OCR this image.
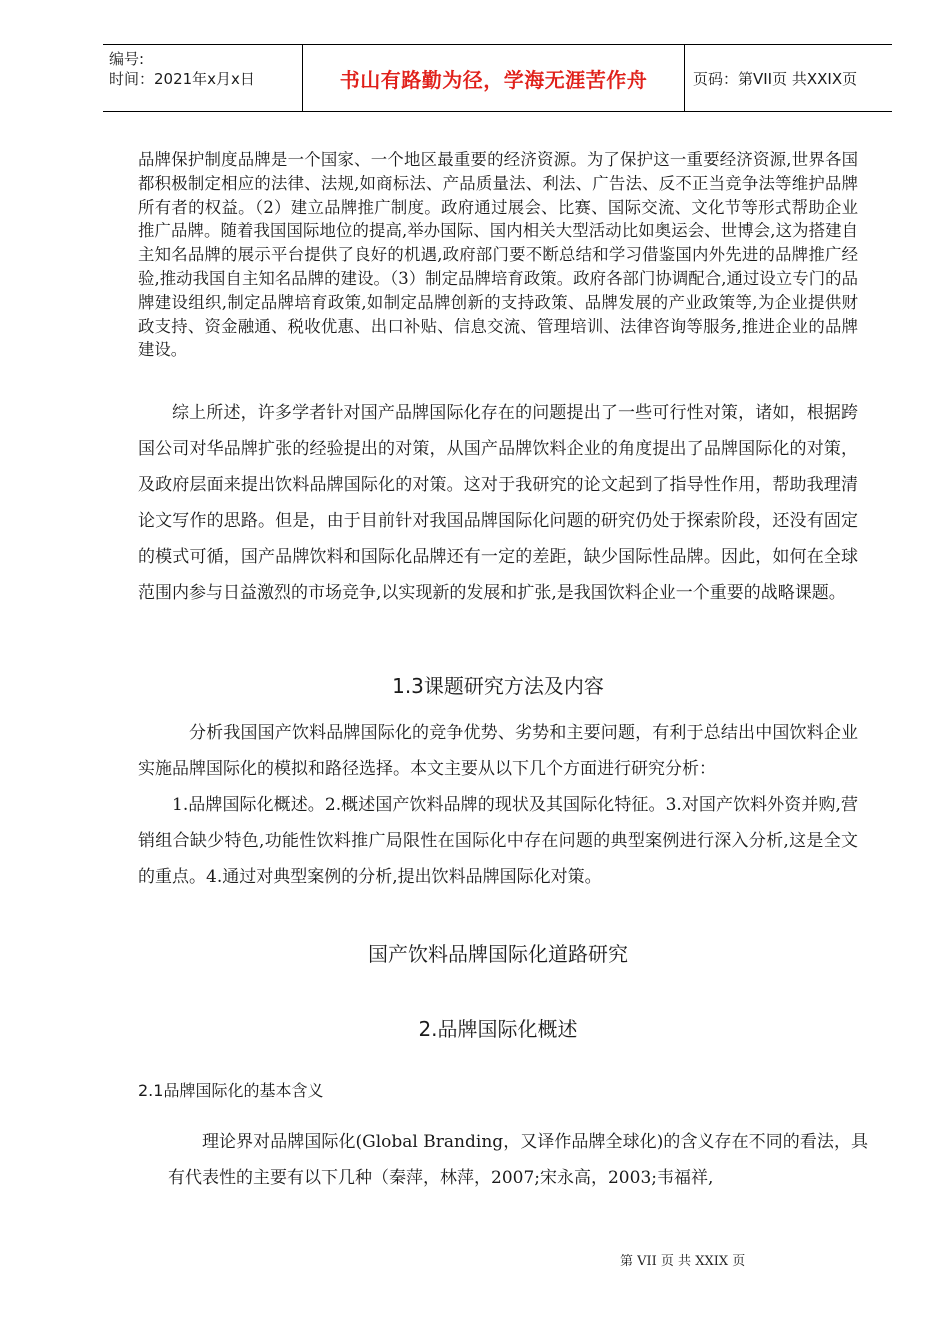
编号:
时间：2021年x月x日	书山有路勤为径，学海无涯苦作舟	页码：第VII页 共XXIX页
品牌保护制度品牌是一个国家、一个地区最重要的经济资源。为了保护这一重要经济资源,世界各国都积极制定相应的法律、法规,如商标法、产品质量法、利法、广告法、反不正当竞争法等维护品牌所有者的权益。（2）建立品牌推广制度。政府通过展会、比赛、国际交流、文化节等形式帮助企业推广品牌。随着我国国际地位的提高,举办国际、国内相关大型活动比如奥运会、世博会,这为搭建自主知名品牌的展示平台提供了良好的机遇,政府部门要不断总结和学习借鉴国内外先进的品牌推广经验,推动我国自主知名品牌的建设。（3）制定品牌培育政策。政府各部门协调配合,通过设立专门的品牌建设组织,制定品牌培育政策,如制定品牌创新的支持政策、品牌发展的产业政策等,为企业提供财政支持、资金融通、税收优惠、出口补贴、信息交流、管理培训、法律咨询等服务,推进企业的品牌建设。

综上所述，许多学者针对国产品牌国际化存在的问题提出了一些可行性对策，诸如，根据跨国公司对华品牌扩张的经验提出的对策，从国产品牌饮料企业的角度提出了品牌国际化的对策，及政府层面来提出饮料品牌国际化的对策。这对于我研究的论文起到了指导性作用，帮助我理清论文写作的思路。但是，由于目前针对我国品牌国际化问题的研究仍处于探索阶段，还没有固定的模式可循，国产品牌饮料和国际化品牌还有一定的差距，缺少国际性品牌。因此，如何在全球范围内参与日益激烈的市场竞争,以实现新的发展和扩张,是我国饮料企业一个重要的战略课题。

1.3课题研究方法及内容

分析我国国产饮料品牌国际化的竞争优势、劣势和主要问题，有利于总结出中国饮料企业实施品牌国际化的模拟和路径选择。本文主要从以下几个方面进行研究分析：

1.品牌国际化概述。2.概述国产饮料品牌的现状及其国际化特征。3.对国产饮料外资并购,营销组合缺少特色,功能性饮料推广局限性在国际化中存在问题的典型案例进行深入分析,这是全文的重点。4.通过对典型案例的分析,提出饮料品牌国际化对策。

国产饮料品牌国际化道路研究
2.品牌国际化概述
2.1品牌国际化的基本含义

理论界对品牌国际化(Global Branding，又译作品牌全球化)的含义存在不同的看法，具有代表性的主要有以下几种（秦萍，林萍，2007;宋永高，2003;韦福祥,

第 VII 页 共 XXIX 页
